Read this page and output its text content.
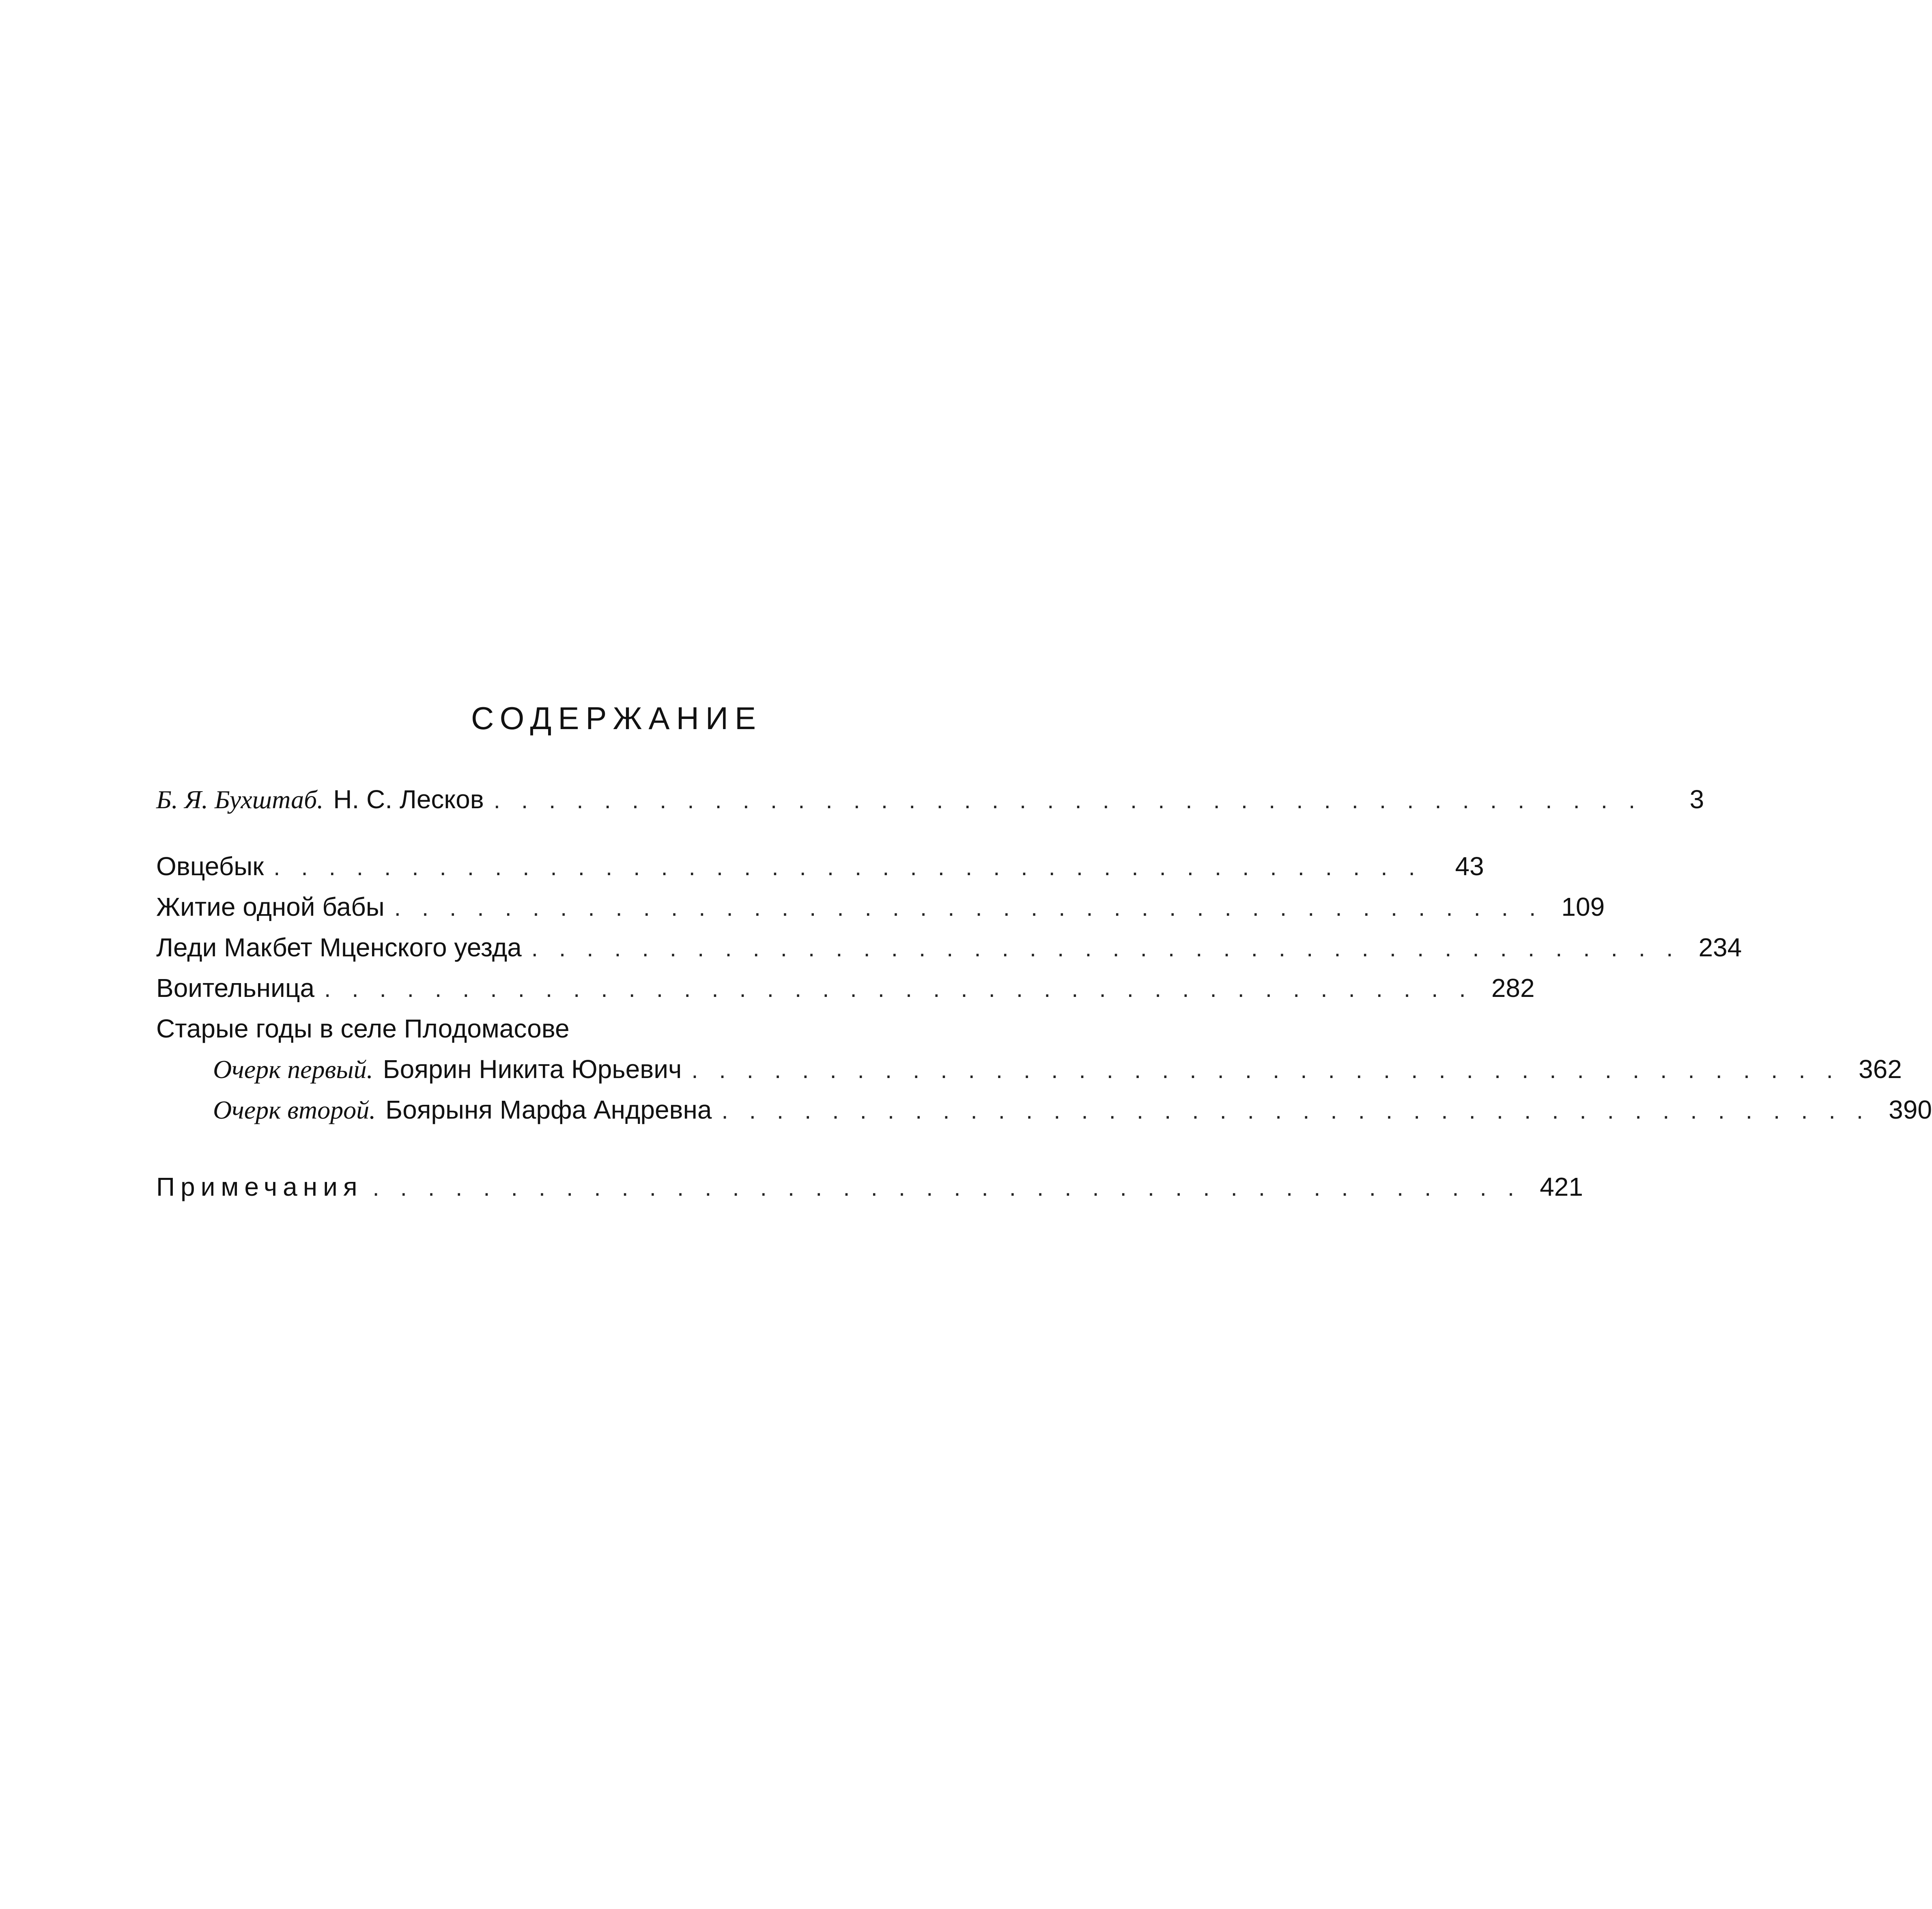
СОДЕРЖАНИЕ
Б. Я. Бухштаб. Н. С. Лесков . . . . . . . . . . . . . . . . . . . . . . . . . . . . . . . . . . . . . . . . . .	3
Овцебык . . . . . . . . . . . . . . . . . . . . . . . . . . . . . . . . . . . . . . . . . .	43
Житие одной бабы . . . . . . . . . . . . . . . . . . . . . . . . . . . . . . . . . . . . . . . . . . 109
Леди Макбет Мценского уезда . . . . . . . . . . . . . . . . . . . . . . . . . . . . . . . . . . . . . . . . . . 234
Воительница . . . . . . . . . . . . . . . . . . . . . . . . . . . . . . . . . . . . . . . . . . 282
Старые годы в селе Плодомасове
Очерк первый. Боярин Никита Юрьевич . . . . . . . . . . . . . . . . . . . . . . . . . . . . . . . . . . . . . . . . . . 362
Очерк второй. Боярыня Марфа Андревна . . . . . . . . . . . . . . . . . . . . . . . . . . . . . . . . . . . . . . . . . . 390
Примечания . . . . . . . . . . . . . . . . . . . . . . . . . . . . . . . . . . . . . . . . . . 421
